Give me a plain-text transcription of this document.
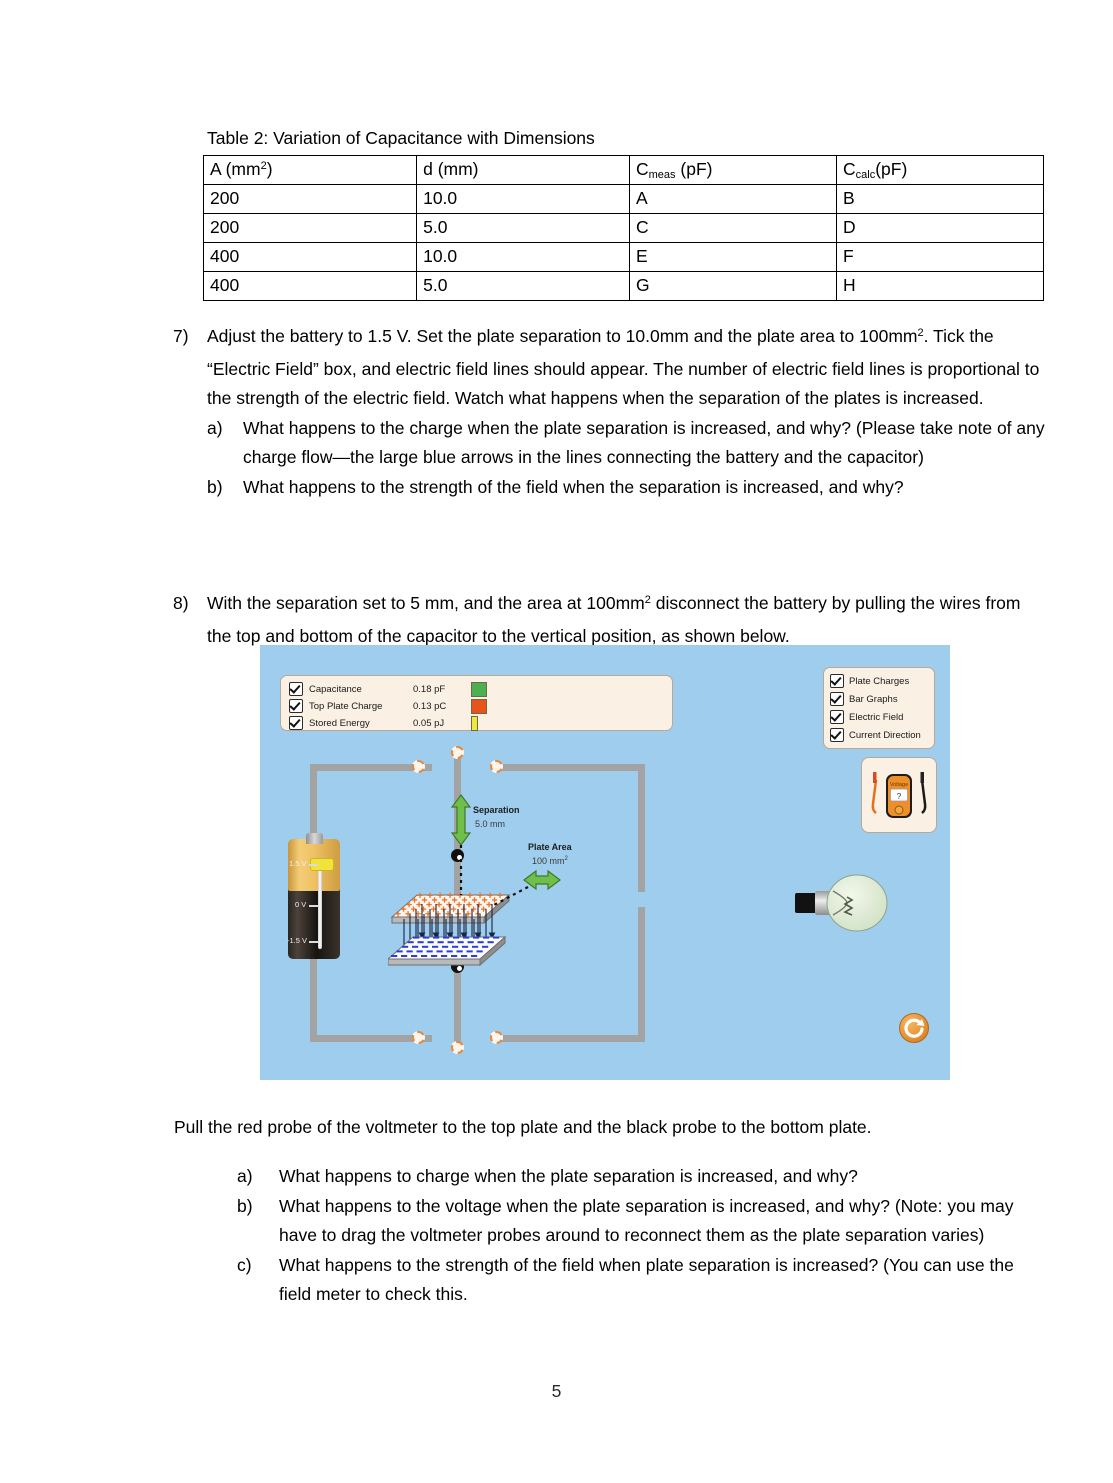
Table 2: Variation of Capacitance with Dimensions
A $(mm^2)$	d (mm)	$C_{meas}$ (pF)	$C_{calc}(pF)$
200	10.0	A	B
200	5.0	C	D
400	10.0	E	F
400	5.0	G	H
7)	Adjust the battery to 1.5 V. Set the plate separation to 10.0mm and the plate area to $100mm^2$. Tick the “Electric Field” box, and electric field lines should appear. The number of electric field lines is proportional to the strength of the electric field. Watch what happens when the separation of the plates is increased.
a)	What happens to the charge when the plate separation is increased, and why? (Please take note of any charge flow—the large blue arrows in the lines connecting the battery and the capacitor)
b)	What happens to the strength of the field when the separation is increased, and why?
8)	With the separation set to 5 mm, and the area at $100mm^2$ disconnect the battery by pulling the wires from the top and bottom of the capacitor to the vertical position, as shown below.
Capacitance	0.18 pF
Top Plate Charge	0.13 pC
Stored Energy	0.05 pJ
Plate Charges
Bar Graphs
Electric Field
Current Direction
Voltage
?
1.5 V
0 V
-1.5 V
Separation
5.0 mm
Plate Area
100 $mm^2$
Pull the red probe of the voltmeter to the top plate and the black probe to the bottom plate.
a)	What happens to charge when the plate separation is increased, and why?
b)	What happens to the voltage when the plate separation is increased, and why? (Note: you may have to drag the voltmeter probes around to reconnect them as the plate separation varies)
c)	What happens to the strength of the field when plate separation is increased? (You can use the field meter to check this.
5
